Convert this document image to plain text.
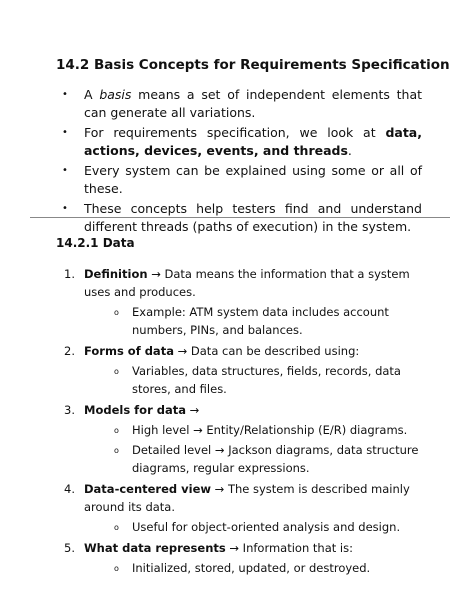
14.2 Basis Concepts for Requirements Specification
• A basis means a set of independent elements that can generate all variations.
• For requirements specification, we look at data, actions, devices, events, and threads.
• Every system can be explained using some or all of these.
• These concepts help testers find and understand different threads (paths of execution) in the system.
14.2.1 Data
1. Definition → Data means the information that a system uses and produces.
o Example: ATM system data includes account numbers, PINs, and balances.
2. Forms of data → Data can be described using:
o Variables, data structures, fields, records, data stores, and files.
3. Models for data →
o High level → Entity/Relationship (E/R) diagrams.
o Detailed level → Jackson diagrams, data structure diagrams, regular expressions.
4. Data-centered view → The system is described mainly around its data.
o Useful for object-oriented analysis and design.
5. What data represents → Information that is:
o Initialized, stored, updated, or destroyed.
